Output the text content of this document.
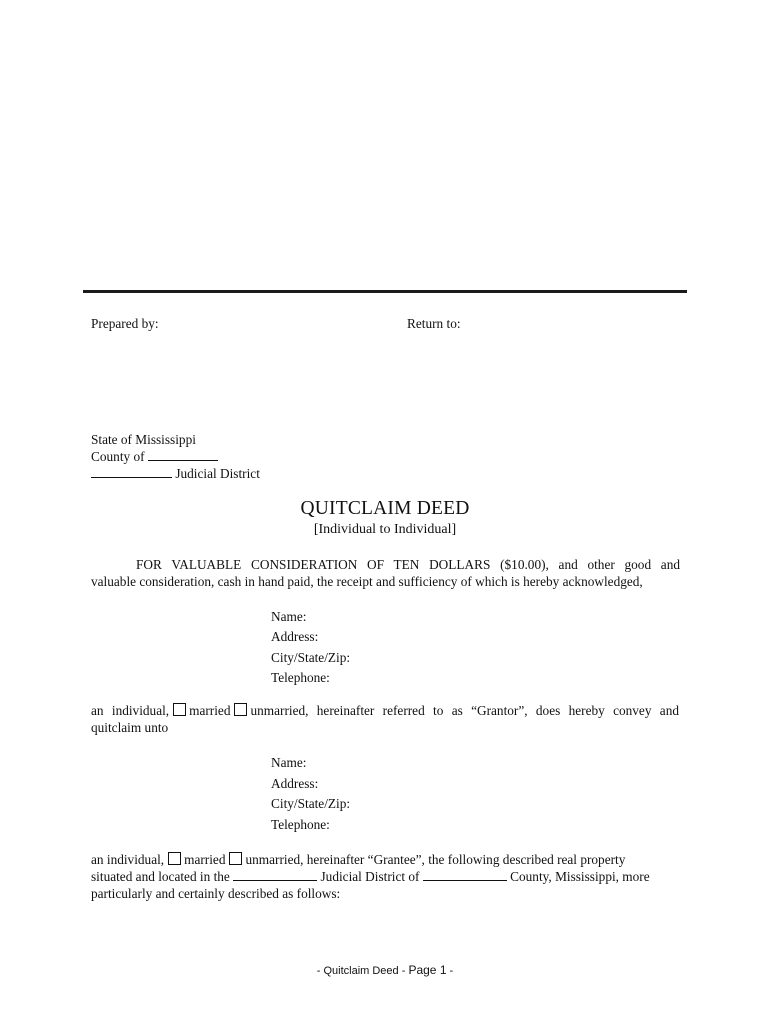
Prepared by:	Return to:
State of Mississippi
County of
Judicial District
QUITCLAIM DEED
[Individual to Individual]
FOR VALUABLE CONSIDERATION OF TEN DOLLARS ($10.00), and other good and
valuable consideration, cash in hand paid, the receipt and sufficiency of which is hereby acknowledged,
Name:
Address:
City/State/Zip:
Telephone:
an individual, married unmarried, hereinafter referred to as “Grantor”, does hereby convey and
quitclaim unto
Name:
Address:
City/State/Zip:
Telephone:
an individual, married unmarried, hereinafter “Grantee”, the following described real property
situated and located in the	Judicial District of	County, Mississippi, more
particularly and certainly described as follows:
- Quitclaim Deed - Page 1 -
